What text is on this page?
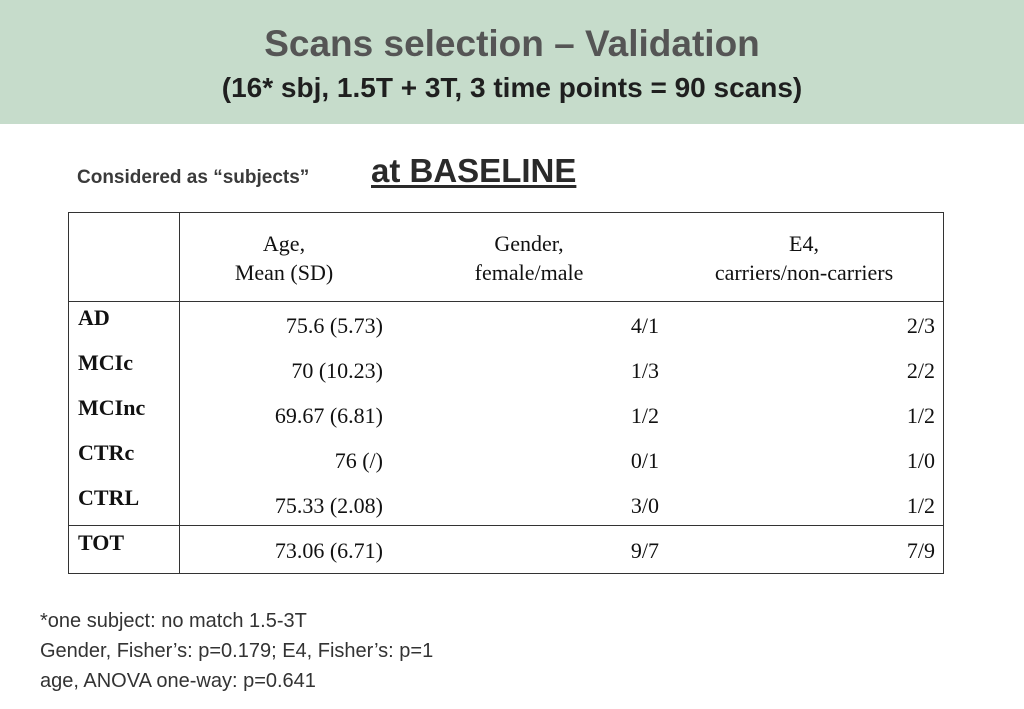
Scans selection – Validation
(16* sbj, 1.5T + 3T, 3 time points = 90 scans)
Considered as “subjects” at BASELINE
Age,
Mean (SD)
Gender,
female/male
E4,
carriers/non-carriers
AD	75.6 (5.73)	4/1	2/3
MCIc	70 (10.23)	1/3	2/2
MCInc	69.67 (6.81)	1/2	1/2
CTRc	76 (/)	0/1	1/0
CTRL	75.33 (2.08)	3/0	1/2
TOT	73.06 (6.71)	9/7	7/9
*one subject: no match 1.5-3T
Gender, Fisher’s: p=0.179; E4, Fisher’s: p=1
age, ANOVA one-way: p=0.641
